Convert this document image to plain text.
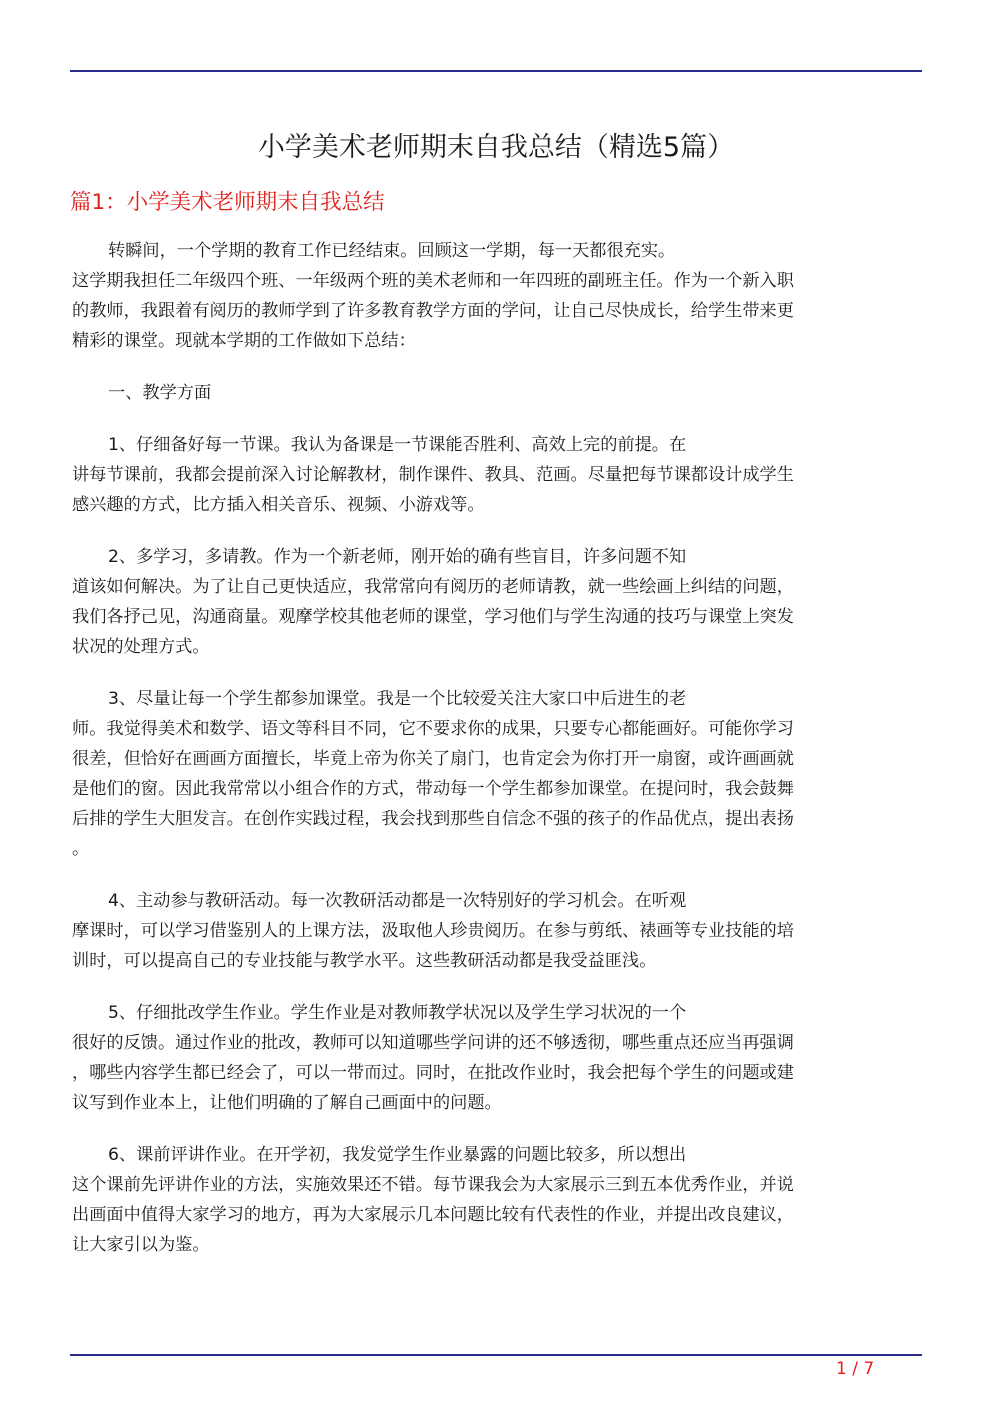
小学美术老师期末自我总结（精选5篇）
篇1：小学美术老师期末自我总结
转瞬间，一个学期的教育工作已经结束。回顾这一学期，每一天都很充实。
这学期我担任二年级四个班、一年级两个班的美术老师和一年四班的副班主任。作为一个新入职
的教师，我跟着有阅历的教师学到了许多教育教学方面的学问，让自己尽快成长，给学生带来更
精彩的课堂。现就本学期的工作做如下总结：
一、教学方面
1、仔细备好每一节课。我认为备课是一节课能否胜利、高效上完的前提。在
讲每节课前，我都会提前深入讨论解教材，制作课件、教具、范画。尽量把每节课都设计成学生
感兴趣的方式，比方插入相关音乐、视频、小游戏等。
2、多学习，多请教。作为一个新老师，刚开始的确有些盲目，许多问题不知
道该如何解决。为了让自己更快适应，我常常向有阅历的老师请教，就一些绘画上纠结的问题，
我们各抒己见，沟通商量。观摩学校其他老师的课堂，学习他们与学生沟通的技巧与课堂上突发
状况的处理方式。
3、尽量让每一个学生都参加课堂。我是一个比较爱关注大家口中后进生的老
师。我觉得美术和数学、语文等科目不同，它不要求你的成果，只要专心都能画好。可能你学习
很差，但恰好在画画方面擅长，毕竟上帝为你关了扇门，也肯定会为你打开一扇窗，或许画画就
是他们的窗。因此我常常以小组合作的方式，带动每一个学生都参加课堂。在提问时，我会鼓舞
后排的学生大胆发言。在创作实践过程，我会找到那些自信念不强的孩子的作品优点，提出表扬
。
4、主动参与教研活动。每一次教研活动都是一次特别好的学习机会。在听观
摩课时，可以学习借鉴别人的上课方法，汲取他人珍贵阅历。在参与剪纸、裱画等专业技能的培
训时，可以提高自己的专业技能与教学水平。这些教研活动都是我受益匪浅。
5、仔细批改学生作业。学生作业是对教师教学状况以及学生学习状况的一个
很好的反馈。通过作业的批改，教师可以知道哪些学问讲的还不够透彻，哪些重点还应当再强调
，哪些内容学生都已经会了，可以一带而过。同时，在批改作业时，我会把每个学生的问题或建
议写到作业本上，让他们明确的了解自己画面中的问题。
6、课前评讲作业。在开学初，我发觉学生作业暴露的问题比较多，所以想出
这个课前先评讲作业的方法，实施效果还不错。每节课我会为大家展示三到五本优秀作业，并说
出画面中值得大家学习的地方，再为大家展示几本问题比较有代表性的作业，并提出改良建议，
让大家引以为鉴。
1 / 7
